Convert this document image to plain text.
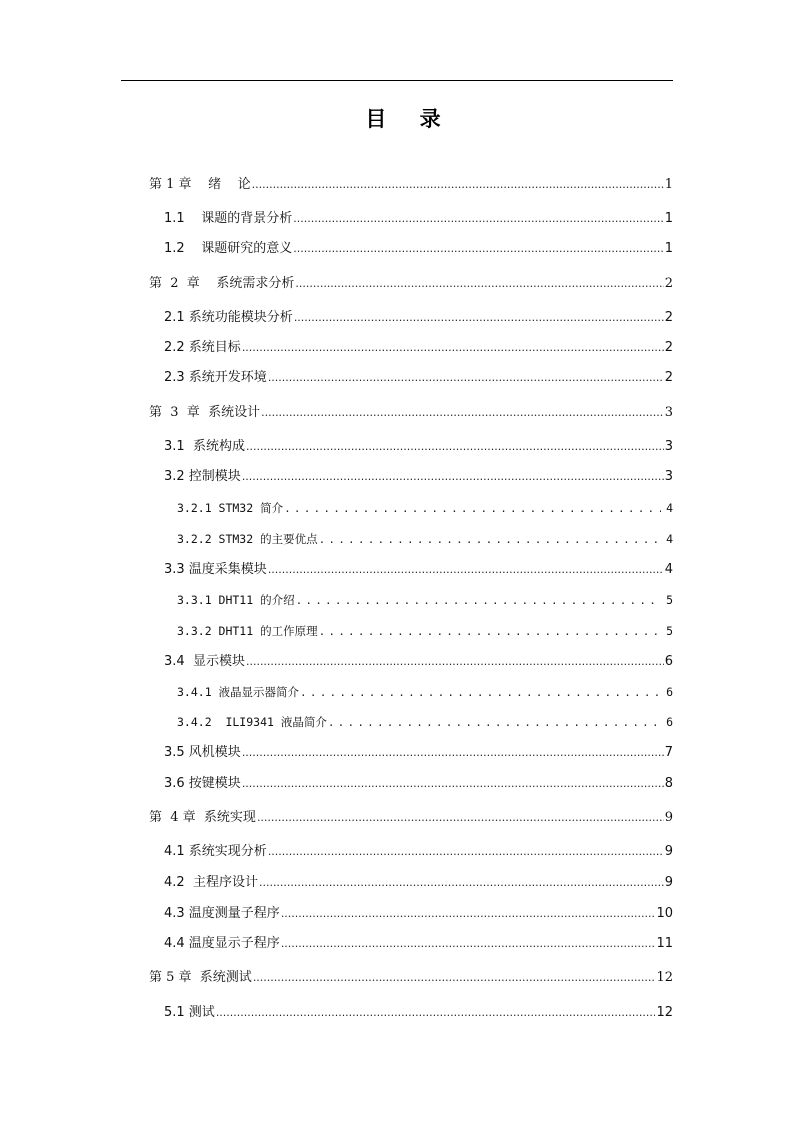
目 录
第 1 章    绪    论 .....	1
1.1    课题的背景分析 .....	1
1.2    课题研究的意义 .....	1
第  2  章    系统需求分析 .....	2
2.1 系统功能模块分析 .....	2
2.2 系统目标 .....	2
2.3 系统开发环境 .....	2
第  3  章  系统设计 .....	3
3.1  系统构成 .....	3
3.2 控制模块 .....	3
3.2.1 STM32 简介 .....	4
3.2.2 STM32 的主要优点 .....	4
3.3 温度采集模块 .....	4
3.3.1 DHT11 的介绍 .....	5
3.3.2 DHT11 的工作原理 .....	5
3.4  显示模块 .....	6
3.4.1 液晶显示器简介 .....	6
3.4.2  ILI9341 液晶简介 .....	6
3.5 风机模块 .....	7
3.6 按键模块 .....	8
第  4 章  系统实现 .....	9
4.1 系统实现分析 .....	9
4.2  主程序设计 .....	9
4.3 温度测量子程序 .....	10
4.4 温度显示子程序 .....	11
第 5 章  系统测试 .....	12
5.1 测试 .....	12
